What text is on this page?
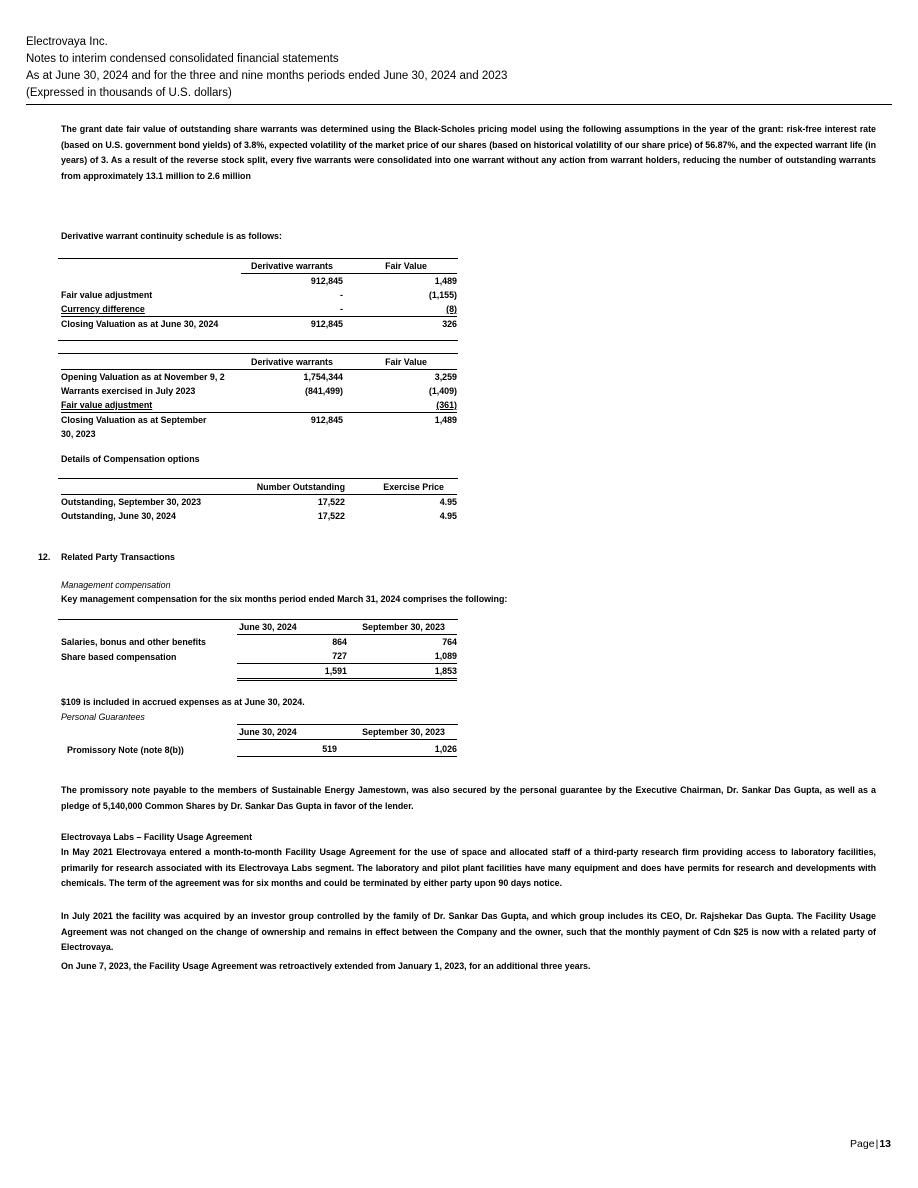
Electrovaya Inc.
Notes to interim condensed consolidated financial statements
As at June 30, 2024 and for the three and nine months periods ended June 30, 2024 and 2023
(Expressed in thousands of U.S. dollars)
The grant date fair value of outstanding share warrants was determined using the Black-Scholes pricing model using the following assumptions in the year of the grant: risk-free interest rate (based on U.S. government bond yields) of 3.8%, expected volatility of the market price of our shares (based on historical volatility of our share price) of 56.87%, and the expected warrant life (in years) of 3. As a result of the reverse stock split, every five warrants were consolidated into one warrant without any action from warrant holders, reducing the number of outstanding warrants from approximately 13.1 million to 2.6 million
Derivative warrant continuity schedule is as follows:
	Derivative warrants	Fair Value
	912,845	1,489
Fair value adjustment	-	(1,155)
Currency difference	-	(8)
Closing Valuation as at June 30, 2024	912,845	326
	Derivative warrants	Fair Value
Opening Valuation as at November 9, 2	1,754,344	3,259
Warrants exercised in July 2023	(841,499)	(1,409)
Fair value adjustment		(361)

Closing Valuation as at September
30, 2023	912,845	1,489
Details of Compensation options
	Number Outstanding	Exercise Price
Outstanding, September 30, 2023	17,522	4.95
Outstanding, June 30, 2024	17,522	4.95
12. Related Party Transactions
Management compensation
Key management compensation for the six months period ended March 31, 2024 comprises the following:
	June 30, 2024	September 30, 2023
Salaries, bonus and other benefits	864	764
Share based compensation	727	1,089
	1,591	1,853
$109 is included in accrued expenses as at June 30, 2024.
Personal Guarantees
	June 30, 2024	September 30, 2023
Promissory Note (note 8(b))	519	1,026
The promissory note payable to the members of Sustainable Energy Jamestown, was also secured by the personal guarantee by the Executive Chairman, Dr. Sankar Das Gupta, as well as a pledge of 5,140,000 Common Shares by Dr. Sankar Das Gupta in favor of the lender.
Electrovaya Labs – Facility Usage Agreement
In May 2021 Electrovaya entered a month-to-month Facility Usage Agreement for the use of space and allocated staff of a third-party research firm providing access to laboratory facilities, primarily for research associated with its Electrovaya Labs segment. The laboratory and pilot plant facilities have many equipment and does have permits for research and developments with chemicals. The term of the agreement was for six months and could be terminated by either party upon 90 days notice.
In July 2021 the facility was acquired by an investor group controlled by the family of Dr. Sankar Das Gupta, and which group includes its CEO, Dr. Rajshekar Das Gupta. The Facility Usage Agreement was not changed on the change of ownership and remains in effect between the Company and the owner, such that the monthly payment of Cdn $25 is now with a related party of Electrovaya.
On June 7, 2023, the Facility Usage Agreement was retroactively extended from January 1, 2023, for an additional three years.
Page|13
